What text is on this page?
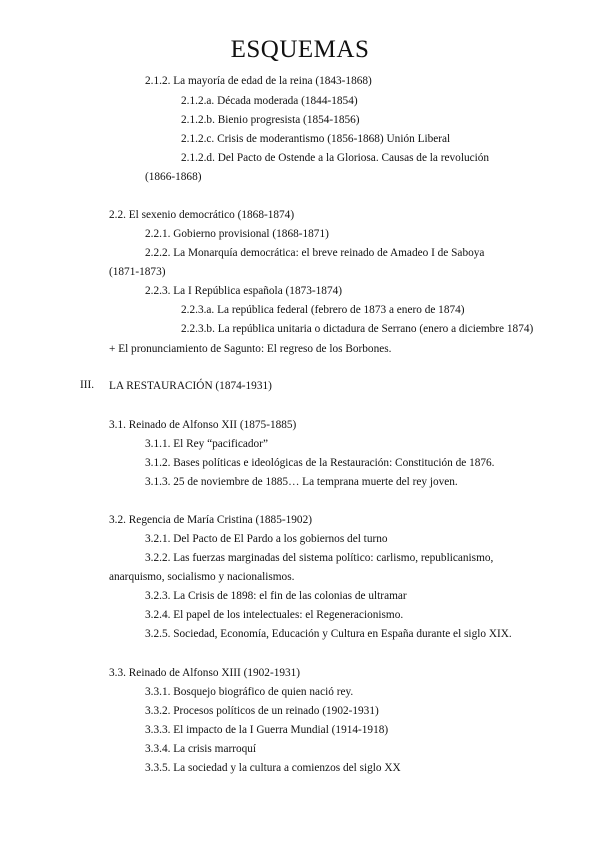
ESQUEMAS
2.1.2. La mayoría de edad de la reina (1843-1868)
2.1.2.a. Década moderada (1844-1854)
2.1.2.b. Bienio progresista (1854-1856)
2.1.2.c. Crisis de moderantismo (1856-1868) Unión Liberal
2.1.2.d. Del Pacto de Ostende a la Gloriosa. Causas de la revolución
(1866-1868)
2.2. El sexenio democrático (1868-1874)
2.2.1. Gobierno provisional (1868-1871)
2.2.2. La Monarquía democrática: el breve reinado de Amadeo I de Saboya
(1871-1873)
2.2.3. La I República española (1873-1874)
2.2.3.a. La república federal (febrero de 1873 a enero de 1874)
2.2.3.b. La república unitaria o dictadura de Serrano (enero a diciembre 1874)
+ El pronunciamiento de Sagunto: El regreso de los Borbones.
III. LA RESTAURACIÓN (1874-1931)
3.1. Reinado de Alfonso XII (1875-1885)
3.1.1. El Rey “pacificador”
3.1.2. Bases políticas e ideológicas de la Restauración: Constitución de 1876.
3.1.3. 25 de noviembre de 1885… La temprana muerte del rey joven.
3.2. Regencia de María Cristina (1885-1902)
3.2.1. Del Pacto de El Pardo a los gobiernos del turno
3.2.2. Las fuerzas marginadas del sistema político: carlismo, republicanismo,
anarquismo, socialismo y nacionalismos.
3.2.3. La Crisis de 1898: el fin de las colonias de ultramar
3.2.4. El papel de los intelectuales: el Regeneracionismo.
3.2.5. Sociedad, Economía, Educación y Cultura en España durante el siglo XIX.
3.3. Reinado de Alfonso XIII (1902-1931)
3.3.1. Bosquejo biográfico de quien nació rey.
3.3.2. Procesos políticos de un reinado (1902-1931)
3.3.3. El impacto de la I Guerra Mundial (1914-1918)
3.3.4. La crisis marroquí
3.3.5. La sociedad y la cultura a comienzos del siglo XX
